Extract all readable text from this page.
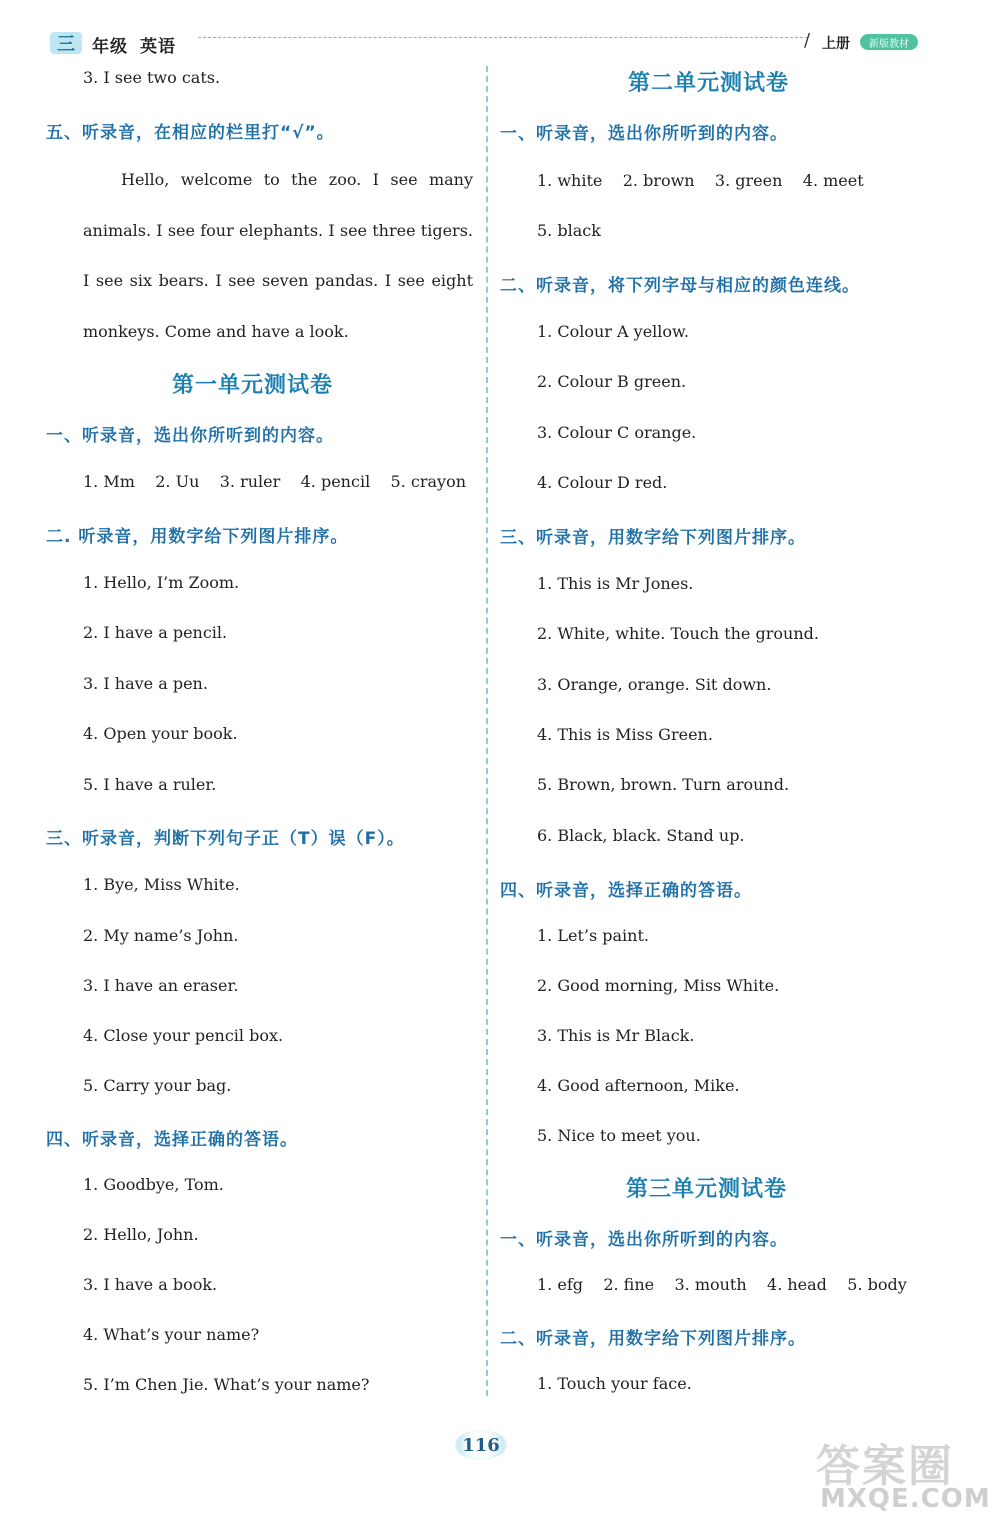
三	年级 英语	/ 上册	新版教材
3. I see two cats.
五、听录音，在相应的栏里打“√”。

Hello, welcome to the zoo. I see many animals. I see four elephants. I see three tigers. I see six bears. I see seven pandas. I see eight monkeys. Come and have a look.

第一单元测试卷
一、听录音，选出你所听到的内容。
1. Mm    2. Uu    3. ruler    4. pencil    5. crayon
二. 听录音，用数字给下列图片排序。
1. Hello, I’m Zoom.
2. I have a pencil.
3. I have a pen.
4. Open your book.
5. I have a ruler.
三、听录音，判断下列句子正（T）误（F）。
1. Bye, Miss White.
2. My name’s John.
3. I have an eraser.
4. Close your pencil box.
5. Carry your bag.
四、听录音，选择正确的答语。
1. Goodbye, Tom.
2. Hello, John.
3. I have a book.
4. What’s your name?
5. I’m Chen Jie. What’s your name?
第二单元测试卷
一、听录音，选出你所听到的内容。
1. white    2. brown    3. green    4. meet
5. black
二、听录音，将下列字母与相应的颜色连线。
1. Colour A yellow.
2. Colour B green.
3. Colour C orange.
4. Colour D red.
三、听录音，用数字给下列图片排序。
1. This is Mr Jones.
2. White, white. Touch the ground.
3. Orange, orange. Sit down.
4. This is Miss Green.
5. Brown, brown. Turn around.
6. Black, black. Stand up.
四、听录音，选择正确的答语。
1. Let’s paint.
2. Good morning, Miss White.
3. This is Mr Black.
4. Good afternoon, Mike.
5. Nice to meet you.
第三单元测试卷
一、听录音，选出你所听到的内容。
1. efg    2. fine    3. mouth    4. head    5. body
二、听录音，用数字给下列图片排序。
1. Touch your face.
116	答案圈
MXQE.COM
